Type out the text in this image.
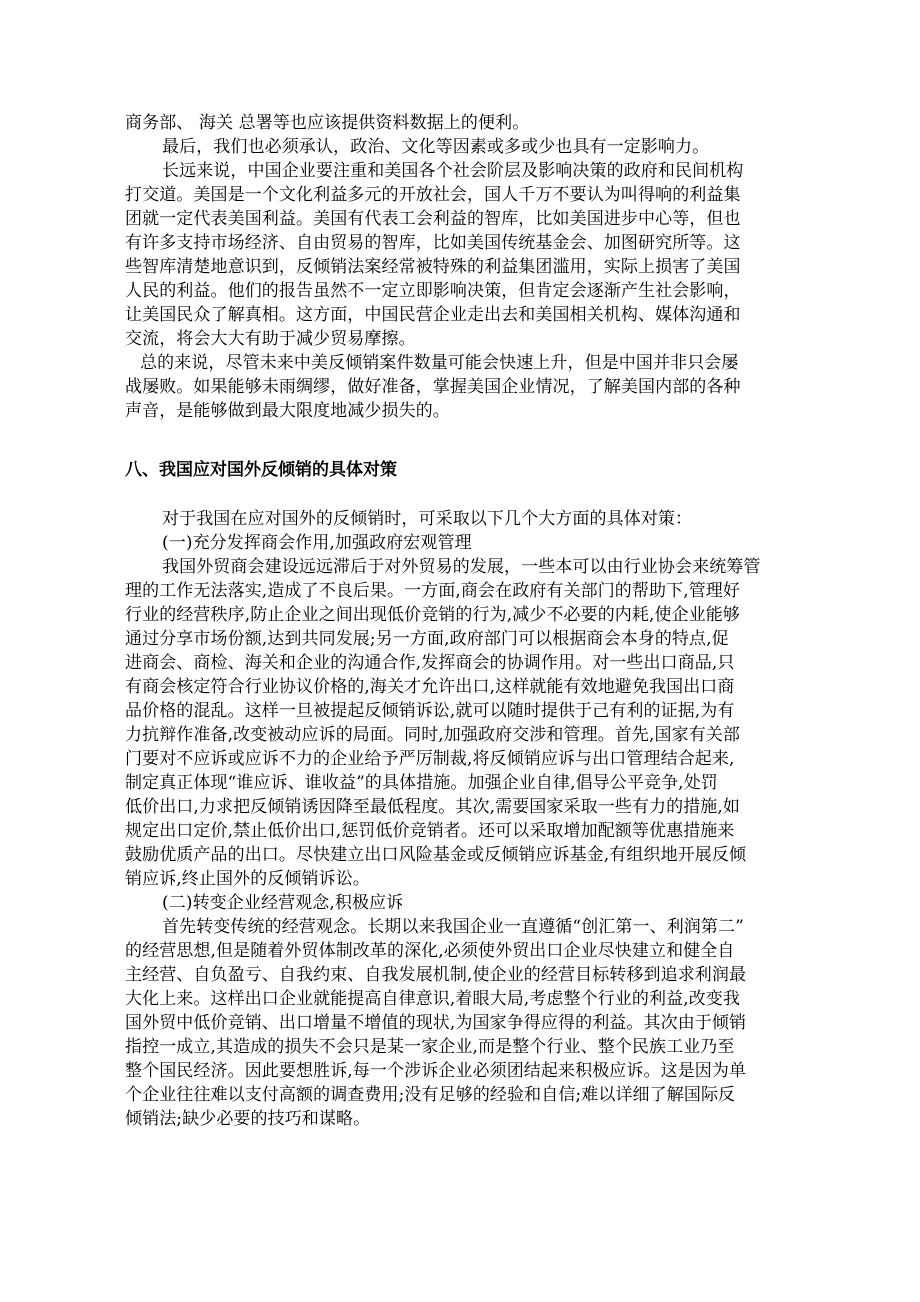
商务部、 海关 总署等也应该提供资料数据上的便利。
最后，我们也必须承认，政治、文化等因素或多或少也具有一定影响力。
长远来说，中国企业要注重和美国各个社会阶层及影响决策的政府和民间机构
打交道。美国是一个文化利益多元的开放社会，国人千万不要认为叫得响的利益集
团就一定代表美国利益。美国有代表工会利益的智库，比如美国进步中心等，但也
有许多支持市场经济、自由贸易的智库，比如美国传统基金会、加图研究所等。这
些智库清楚地意识到，反倾销法案经常被特殊的利益集团滥用，实际上损害了美国
人民的利益。他们的报告虽然不一定立即影响决策，但肯定会逐渐产生社会影响，
让美国民众了解真相。这方面，中国民营企业走出去和美国相关机构、媒体沟通和
交流，将会大大有助于减少贸易摩擦。
总的来说，尽管未来中美反倾销案件数量可能会快速上升，但是中国并非只会屡
战屡败。如果能够未雨绸缪，做好准备，掌握美国企业情况，了解美国内部的各种
声音，是能够做到最大限度地减少损失的。
八、我国应对国外反倾销的具体对策
对于我国在应对国外的反倾销时，可采取以下几个大方面的具体对策：
(一)充分发挥商会作用,加强政府宏观管理
我国外贸商会建设远远滞后于对外贸易的发展，一些本可以由行业协会来统筹管
理的工作无法落实,造成了不良后果。一方面,商会在政府有关部门的帮助下,管理好
行业的经营秩序,防止企业之间出现低价竞销的行为,减少不必要的内耗,使企业能够
通过分享市场份额,达到共同发展;另一方面,政府部门可以根据商会本身的特点,促
进商会、商检、海关和企业的沟通合作,发挥商会的协调作用。对一些出口商品,只
有商会核定符合行业协议价格的,海关才允许出口,这样就能有效地避免我国出口商
品价格的混乱。这样一旦被提起反倾销诉讼,就可以随时提供于己有利的证据,为有
力抗辩作准备,改变被动应诉的局面。同时,加强政府交涉和管理。首先,国家有关部
门要对不应诉或应诉不力的企业给予严厉制裁,将反倾销应诉与出口管理结合起来,
制定真正体现“谁应诉、谁收益”的具体措施。加强企业自律,倡导公平竞争,处罚
低价出口,力求把反倾销诱因降至最低程度。其次,需要国家采取一些有力的措施,如
规定出口定价,禁止低价出口,惩罚低价竞销者。还可以采取增加配额等优惠措施来
鼓励优质产品的出口。尽快建立出口风险基金或反倾销应诉基金,有组织地开展反倾
销应诉,终止国外的反倾销诉讼。
(二)转变企业经营观念,积极应诉
首先转变传统的经营观念。长期以来我国企业一直遵循“创汇第一、利润第二”
的经营思想,但是随着外贸体制改革的深化,必须使外贸出口企业尽快建立和健全自
主经营、自负盈亏、自我约束、自我发展机制,使企业的经营目标转移到追求利润最
大化上来。这样出口企业就能提高自律意识,着眼大局,考虑整个行业的利益,改变我
国外贸中低价竞销、出口增量不增值的现状,为国家争得应得的利益。其次由于倾销
指控一成立,其造成的损失不会只是某一家企业,而是整个行业、整个民族工业乃至
整个国民经济。因此要想胜诉,每一个涉诉企业必须团结起来积极应诉。这是因为单
个企业往往难以支付高额的调查费用;没有足够的经验和自信;难以详细了解国际反
倾销法;缺少必要的技巧和谋略。
